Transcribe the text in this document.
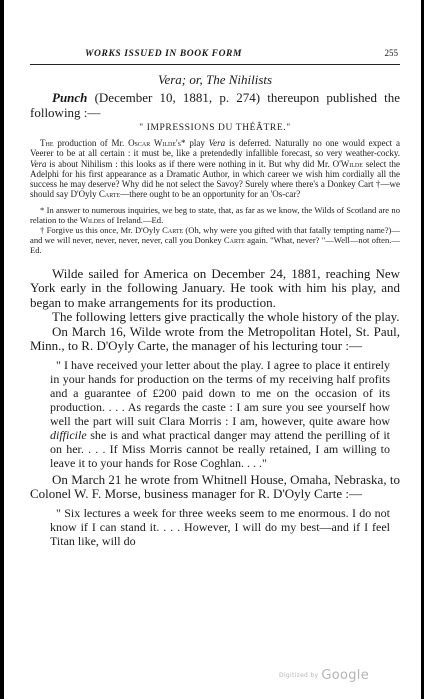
WORKS ISSUED IN BOOK FORM	255

Vera; or, The Nihilists

Punch (December 10, 1881, p. 274) thereupon published the following :—

" IMPRESSIONS DU THÉÂTRE."

The production of Mr. Oscar Wilde's* play Vera is deferred. Naturally no one would expect a Veerer to be at all certain : it must be, like a pretendedly infallible forecast, so very weather-cocky. Vera is about Nihilism : this looks as if there were nothing in it. But why did Mr. O'Wilde select the Adelphi for his first appearance as a Dramatic Author, in which career we wish him cordially all the success he may deserve? Why did he not select the Savoy? Surely where there's a Donkey Cart †—we should say D'Oyly Carte—there ought to be an opportunity for an 'Os-car?

* In answer to numerous inquiries, we beg to state, that, as far as we know, the Wilds of Scotland are no relation to the Wildes of Ireland.—Ed.

† Forgive us this once, Mr. D'Oyly Carte (Oh, why were you gifted with that fatally tempting name?)—and we will never, never, never, never, call you Donkey Carte again. "What, never? "—Well—not often.—Ed.

Wilde sailed for America on December 24, 1881, reaching New York early in the following January. He took with him his play, and began to make arrangements for its production.

The following letters give practically the whole history of the play.

On March 16, Wilde wrote from the Metropolitan Hotel, St. Paul, Minn., to R. D'Oyly Carte, the manager of his lecturing tour :—

" I have received your letter about the play. I agree to place it entirely in your hands for production on the terms of my receiving half profits and a guarantee of £200 paid down to me on the occasion of its production. . . . As regards the caste : I am sure you see yourself how well the part will suit Clara Morris : I am, however, quite aware how difficile she is and what practical danger may attend the perilling of it on her. . . . If Miss Morris cannot be really retained, I am willing to leave it to your hands for Rose Coghlan. . . ."

On March 21 he wrote from Whitnell House, Omaha, Nebraska, to Colonel W. F. Morse, business manager for R. D'Oyly Carte :—

" Six lectures a week for three weeks seem to me enormous. I do not know if I can stand it. . . . However, I will do my best—and if I feel Titan like, will do

Digitized by Google
